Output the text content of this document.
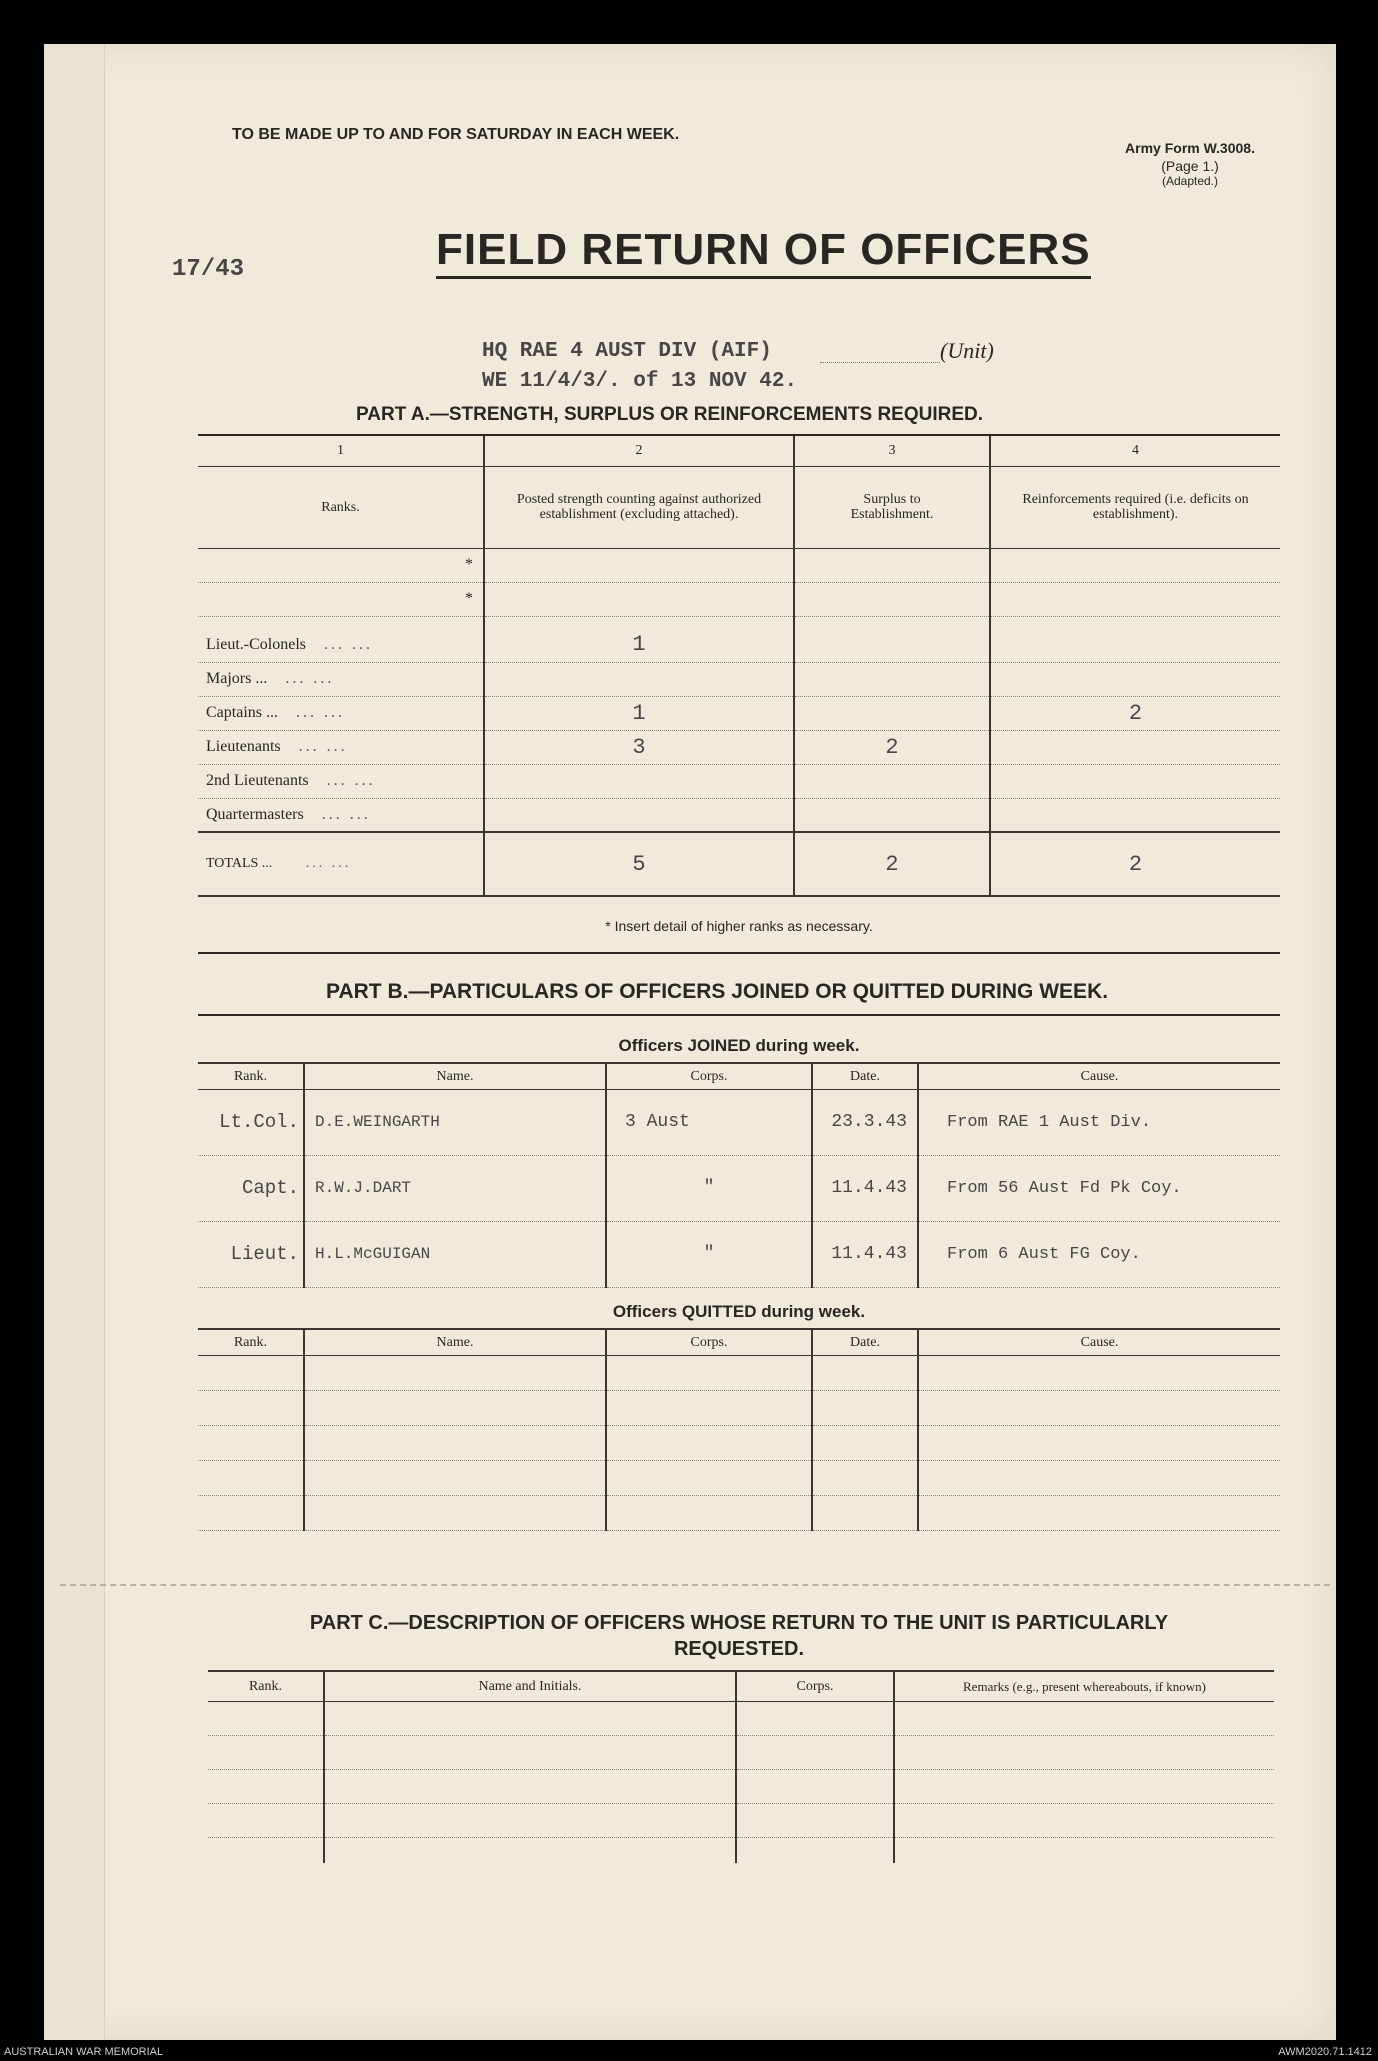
TO BE MADE UP TO AND FOR SATURDAY IN EACH WEEK.
Army Form W.3008.
(Page 1.)
(Adapted.)
17/43	FIELD RETURN OF OFFICERS
HQ RAE 4 AUST DIV (AIF)	(Unit)
WE 11/4/3/. of 13 NOV 42.
PART A.—STRENGTH, SURPLUS OR REINFORCEMENTS REQUIRED.
1	2	3	4
Ranks.	Posted strength counting against authorized establishment (excluding attached).	Surplus to Establishment.	Reinforcements required (i.e. deficits on establishment).
*			
*			

Lieut.-Colonels ... ...	1		
Majors ... ... ...			
Captains ... ... ...	1		2
Lieutenants ... ...	3	2	
2nd Lieutenants ... ...			
Quartermasters ... ...			
TOTALS ... ... ...	5	2	2
* Insert detail of higher ranks as necessary.
PART B.—PARTICULARS OF OFFICERS JOINED OR QUITTED DURING WEEK.
Officers JOINED during week.
Rank.	Name.	Corps.	Date.	Cause.
Lt.Col.	D.E.WEINGARTH	3 Aust	23.3.43	From RAE 1 Aust Div.
Capt.	R.W.J.DART	"	11.4.43	From 56 Aust Fd Pk Coy.
Lieut.	H.L.McGUIGAN	"	11.4.43	From 6 Aust FG Coy.
Officers QUITTED during week.
Rank.	Name.	Corps.	Date.	Cause.

PART C.—DESCRIPTION OF OFFICERS WHOSE RETURN TO THE UNIT IS PARTICULARLY
REQUESTED.
Rank.	Name and Initials.	Corps.	Remarks (e.g., present whereabouts, if known)

AUSTRALIAN WAR MEMORIAL	AWM2020.71.1412
